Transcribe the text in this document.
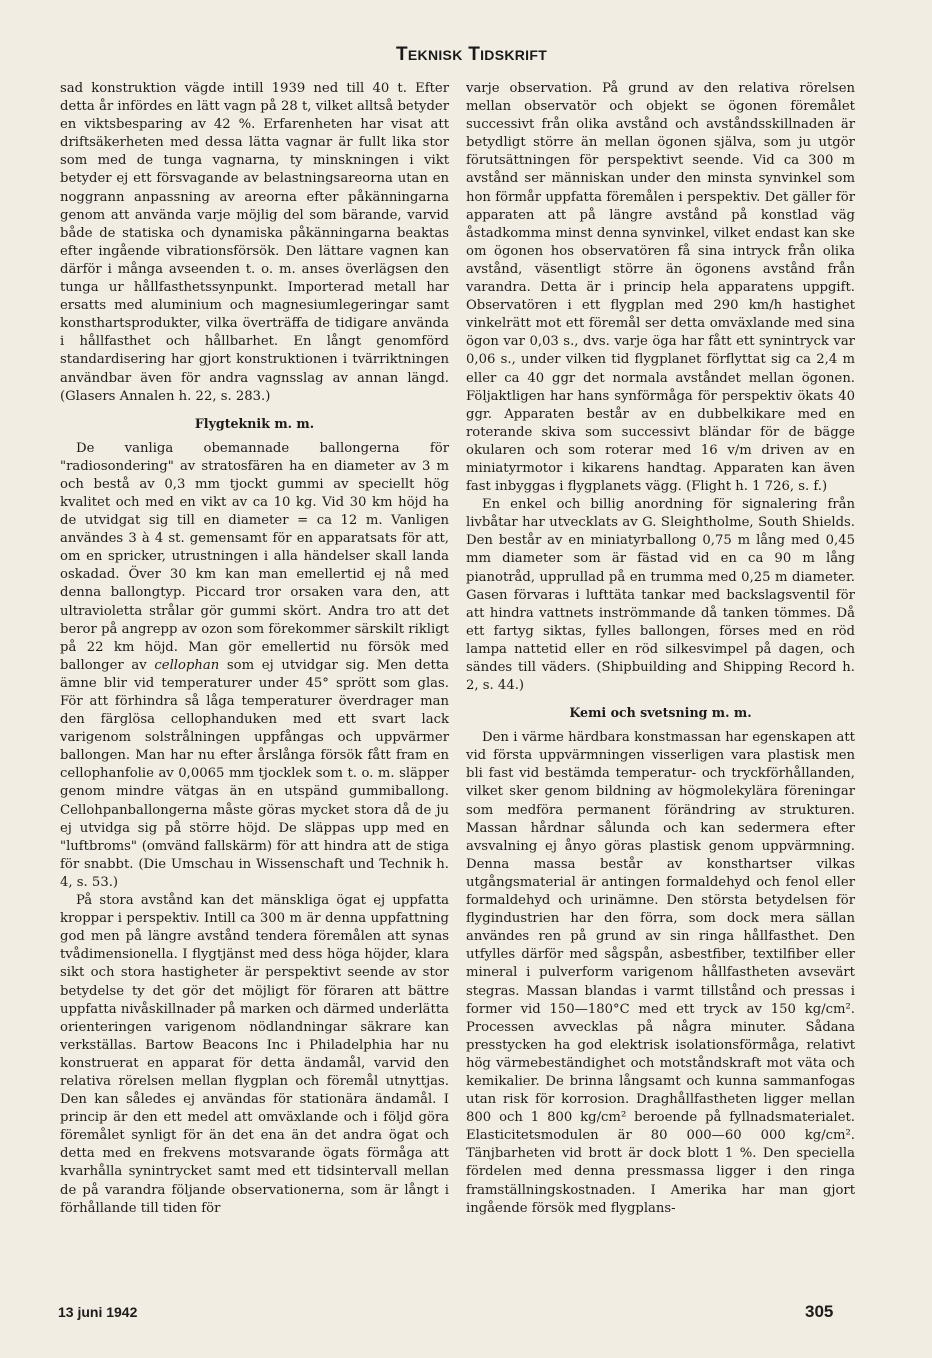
TEKNISK TIDSKRIFT

sad konstruktion vägde intill 1939 ned till 40 t. Efter detta år infördes en lätt vagn på 28 t, vilket alltså betyder en viktsbesparing av 42 %. Erfarenheten har visat att driftsäkerheten med dessa lätta vagnar är fullt lika stor som med de tunga vagnarna, ty minskningen i vikt betyder ej ett försvagande av belastningsareorna utan en noggrann anpassning av areorna efter påkänningarna genom att använda varje möjlig del som bärande, varvid både de statiska och dynamiska påkänningarna beaktas efter ingående vibrationsförsök. Den lättare vagnen kan därför i många avseenden t. o. m. anses överlägsen den tunga ur hållfasthetssynpunkt. Importerad metall har ersatts med aluminium och magnesiumlegeringar samt konsthartsprodukter, vilka överträffa de tidigare använda i hållfasthet och hållbarhet. En långt genomförd standardisering har gjort konstruktionen i tvärriktningen användbar även för andra vagnsslag av annan längd. (Glasers Annalen h. 22, s. 283.)

Flygteknik m. m.

De vanliga obemannade ballongerna för "radiosondering" av stratosfären ha en diameter av 3 m och bestå av 0,3 mm tjockt gummi av speciellt hög kvalitet och med en vikt av ca 10 kg. Vid 30 km höjd ha de utvidgat sig till en diameter = ca 12 m. Vanligen användes 3 à 4 st. gemensamt för en apparatsats för att, om en spricker, utrustningen i alla händelser skall landa oskadad. Över 30 km kan man emellertid ej nå med denna ballongtyp. Piccard tror orsaken vara den, att ultravioletta strålar gör gummi skört. Andra tro att det beror på angrepp av ozon som förekommer särskilt rikligt på 22 km höjd. Man gör emellertid nu försök med ballonger av cellophan som ej utvidgar sig. Men detta ämne blir vid temperaturer under 45° sprött som glas. För att förhindra så låga temperaturer överdrager man den färglösa cellophanduken med ett svart lack varigenom solstrålningen uppfångas och uppvärmer ballongen. Man har nu efter årslånga försök fått fram en cellophanfolie av 0,0065 mm tjocklek som t. o. m. släpper genom mindre vätgas än en utspänd gummiballong. Cellohpanballongerna måste göras mycket stora då de ju ej utvidga sig på större höjd. De släppas upp med en "luftbroms" (omvänd fallskärm) för att hindra att de stiga för snabbt. (Die Umschau in Wissenschaft und Technik h. 4, s. 53.)

På stora avstånd kan det mänskliga ögat ej uppfatta kroppar i perspektiv. Intill ca 300 m är denna uppfattning god men på längre avstånd tendera föremålen att synas tvådimensionella. I flygtjänst med dess höga höjder, klara sikt och stora hastigheter är perspektivt seende av stor betydelse ty det gör det möjligt för föraren att bättre uppfatta nivåskillnader på marken och därmed underlätta orienteringen varigenom nödlandningar säkrare kan verkställas. Bartow Beacons Inc i Philadelphia har nu konstruerat en apparat för detta ändamål, varvid den relativa rörelsen mellan flygplan och föremål utnyttjas. Den kan således ej användas för stationära ändamål. I princip är den ett medel att omväxlande och i följd göra föremålet synligt för än det ena än det andra ögat och detta med en frekvens motsvarande ögats förmåga att kvarhålla synintrycket samt med ett tidsintervall mellan de på varandra följande observationerna, som är långt i förhållande till tiden för

varje observation. På grund av den relativa rörelsen mellan observatör och objekt se ögonen föremålet successivt från olika avstånd och avståndsskillnaden är betydligt större än mellan ögonen själva, som ju utgör förutsättningen för perspektivt seende. Vid ca 300 m avstånd ser människan under den minsta synvinkel som hon förmår uppfatta föremålen i perspektiv. Det gäller för apparaten att på längre avstånd på konstlad väg åstadkomma minst denna synvinkel, vilket endast kan ske om ögonen hos observatören få sina intryck från olika avstånd, väsentligt större än ögonens avstånd från varandra. Detta är i princip hela apparatens uppgift. Observatören i ett flygplan med 290 km/h hastighet vinkelrätt mot ett föremål ser detta omväxlande med sina ögon var 0,03 s., dvs. varje öga har fått ett synintryck var 0,06 s., under vilken tid flygplanet förflyttat sig ca 2,4 m eller ca 40 ggr det normala avståndet mellan ögonen. Följaktligen har hans synförmåga för perspektiv ökats 40 ggr. Apparaten består av en dubbelkikare med en roterande skiva som successivt bländar för de bägge okularen och som roterar med 16 v/m driven av en miniatyrmotor i kikarens handtag. Apparaten kan även fast inbyggas i flygplanets vägg. (Flight h. 1 726, s. f.)

En enkel och billig anordning för signalering från livbåtar har utvecklats av G. Sleightholme, South Shields. Den består av en miniatyrballong 0,75 m lång med 0,45 mm diameter som är fästad vid en ca 90 m lång pianotråd, upprullad på en trumma med 0,25 m diameter. Gasen förvaras i lufttäta tankar med backslagsventil för att hindra vattnets inströmmande då tanken tömmes. Då ett fartyg siktas, fylles ballongen, förses med en röd lampa nattetid eller en röd silkesvimpel på dagen, och sändes till väders. (Shipbuilding and Shipping Record h. 2, s. 44.)

Kemi och svetsning m. m.

Den i värme härdbara konstmassan har egenskapen att vid första uppvärmningen visserligen vara plastisk men bli fast vid bestämda temperatur- och tryckförhållanden, vilket sker genom bildning av högmolekylära föreningar som medföra permanent förändring av strukturen. Massan hårdnar sålunda och kan sedermera efter avsvalning ej ånyo göras plastisk genom uppvärmning. Denna massa består av konsthartser vilkas utgångsmaterial är antingen formaldehyd och fenol eller formaldehyd och urinämne. Den största betydelsen för flygindustrien har den förra, som dock mera sällan användes ren på grund av sin ringa hållfasthet. Den utfylles därför med sågspån, asbestfiber, textilfiber eller mineral i pulverform varigenom hållfastheten avsevärt stegras. Massan blandas i varmt tillstånd och pressas i former vid 150—180°C med ett tryck av 150 kg/cm². Processen avvecklas på några minuter. Sådana presstycken ha god elektrisk isolationsförmåga, relativt hög värmebeständighet och motståndskraft mot väta och kemikalier. De brinna långsamt och kunna sammanfogas utan risk för korrosion. Draghållfastheten ligger mellan 800 och 1 800 kg/cm² beroende på fyllnadsmaterialet. Elasticitetsmodulen är 80 000—60 000 kg/cm². Tänjbarheten vid brott är dock blott 1 %. Den speciella fördelen med denna pressmassa ligger i den ringa framställningskostnaden. I Amerika har man gjort ingående försök med flygplans-

13 juni 1942	305
